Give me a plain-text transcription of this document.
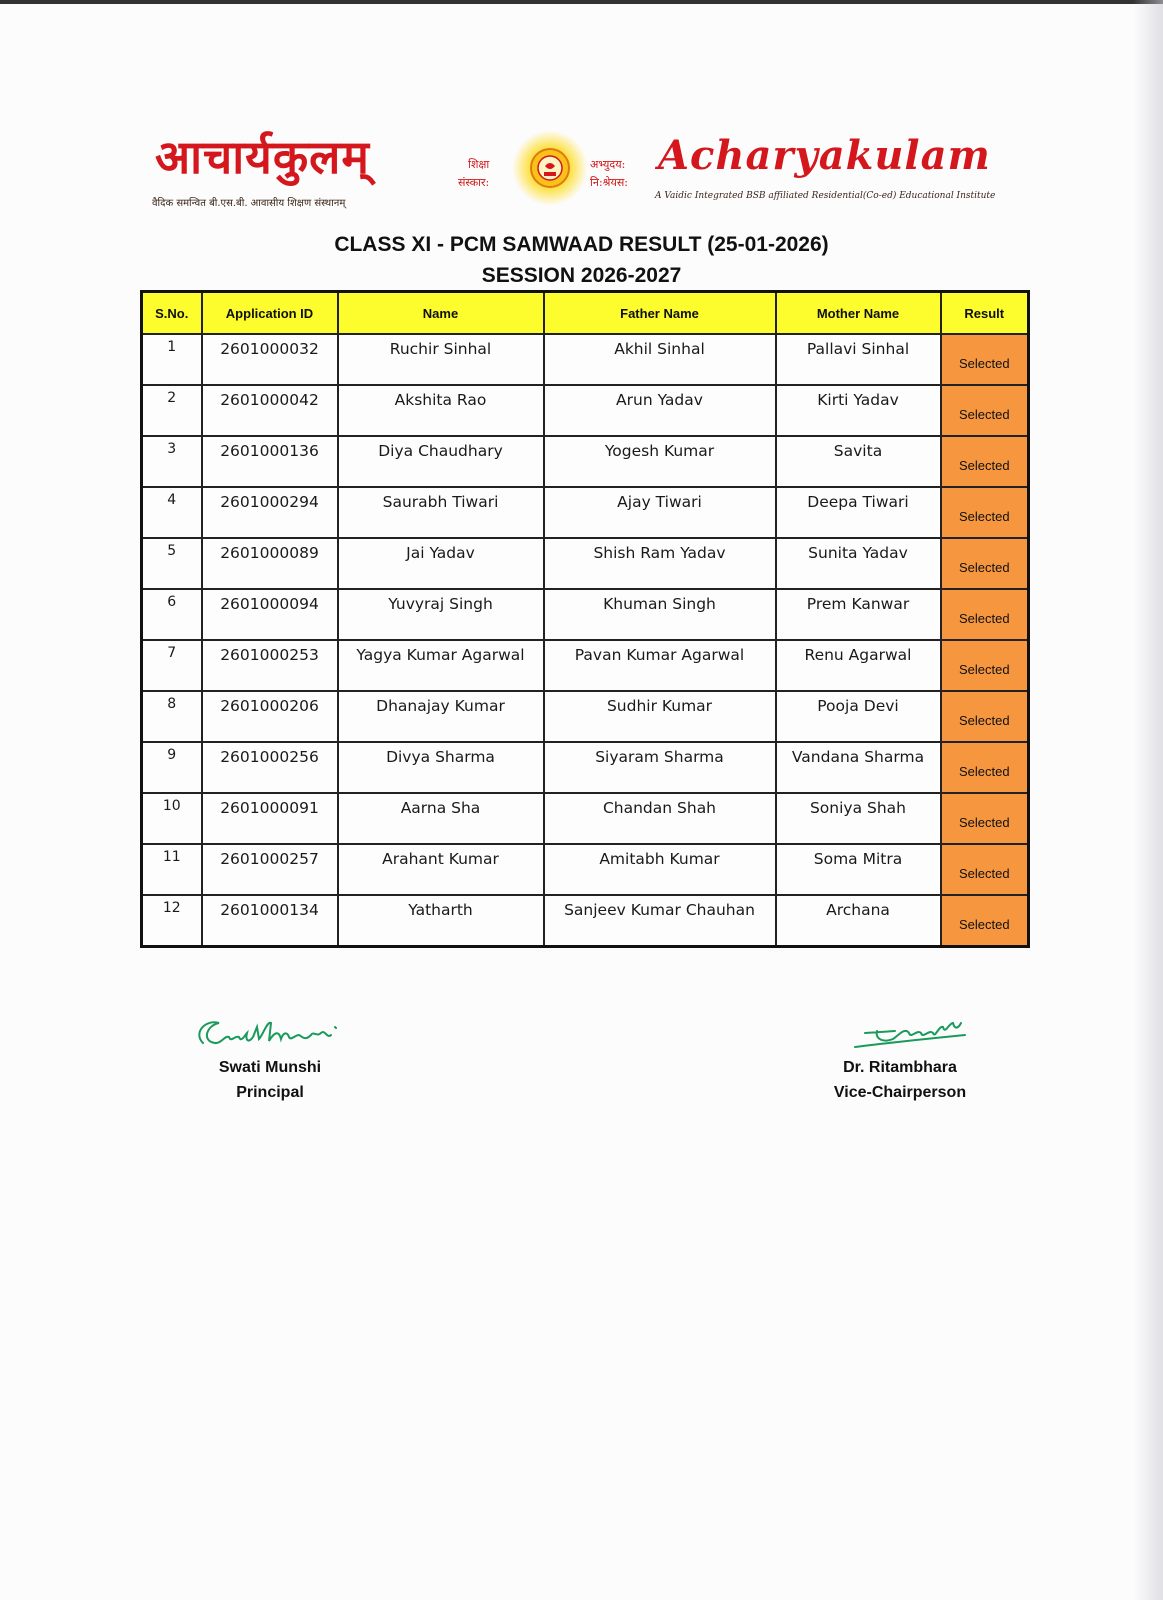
आचार्यकुलम्
वैदिक समन्वित बी.एस.बी. आवासीय शिक्षण संस्थानम्
शिक्षा
संस्कार:
अभ्युदय:
नि:श्रेयस:
Acharyakulam
A Vaidic Integrated BSB affiliated Residential(Co-ed) Educational Institute
CLASS XI - PCM SAMWAAD RESULT (25-01-2026)
SESSION 2026-2027
S.No.	Application ID	Name	Father Name	Mother Name	Result

1	2601000032	Ruchir Sinhal	Akhil Sinhal	Pallavi Sinhal	Selected

2	2601000042	Akshita Rao	Arun Yadav	Kirti Yadav	Selected

3	2601000136	Diya Chaudhary	Yogesh Kumar	Savita	Selected

4	2601000294	Saurabh Tiwari	Ajay Tiwari	Deepa Tiwari	Selected

5	2601000089	Jai Yadav	Shish Ram Yadav	Sunita Yadav	Selected

6	2601000094	Yuvyraj Singh	Khuman Singh	Prem Kanwar	Selected

7	2601000253	Yagya Kumar Agarwal	Pavan Kumar Agarwal	Renu Agarwal	Selected

8	2601000206	Dhanajay Kumar	Sudhir Kumar	Pooja Devi	Selected

9	2601000256	Divya Sharma	Siyaram Sharma	Vandana Sharma	Selected

10	2601000091	Aarna Sha	Chandan Shah	Soniya Shah	Selected

11	2601000257	Arahant Kumar	Amitabh Kumar	Soma Mitra	Selected

12	2601000134	Yatharth	Sanjeev Kumar Chauhan	Archana	Selected
Swati Munshi
Principal
Dr. Ritambhara
Vice-Chairperson
